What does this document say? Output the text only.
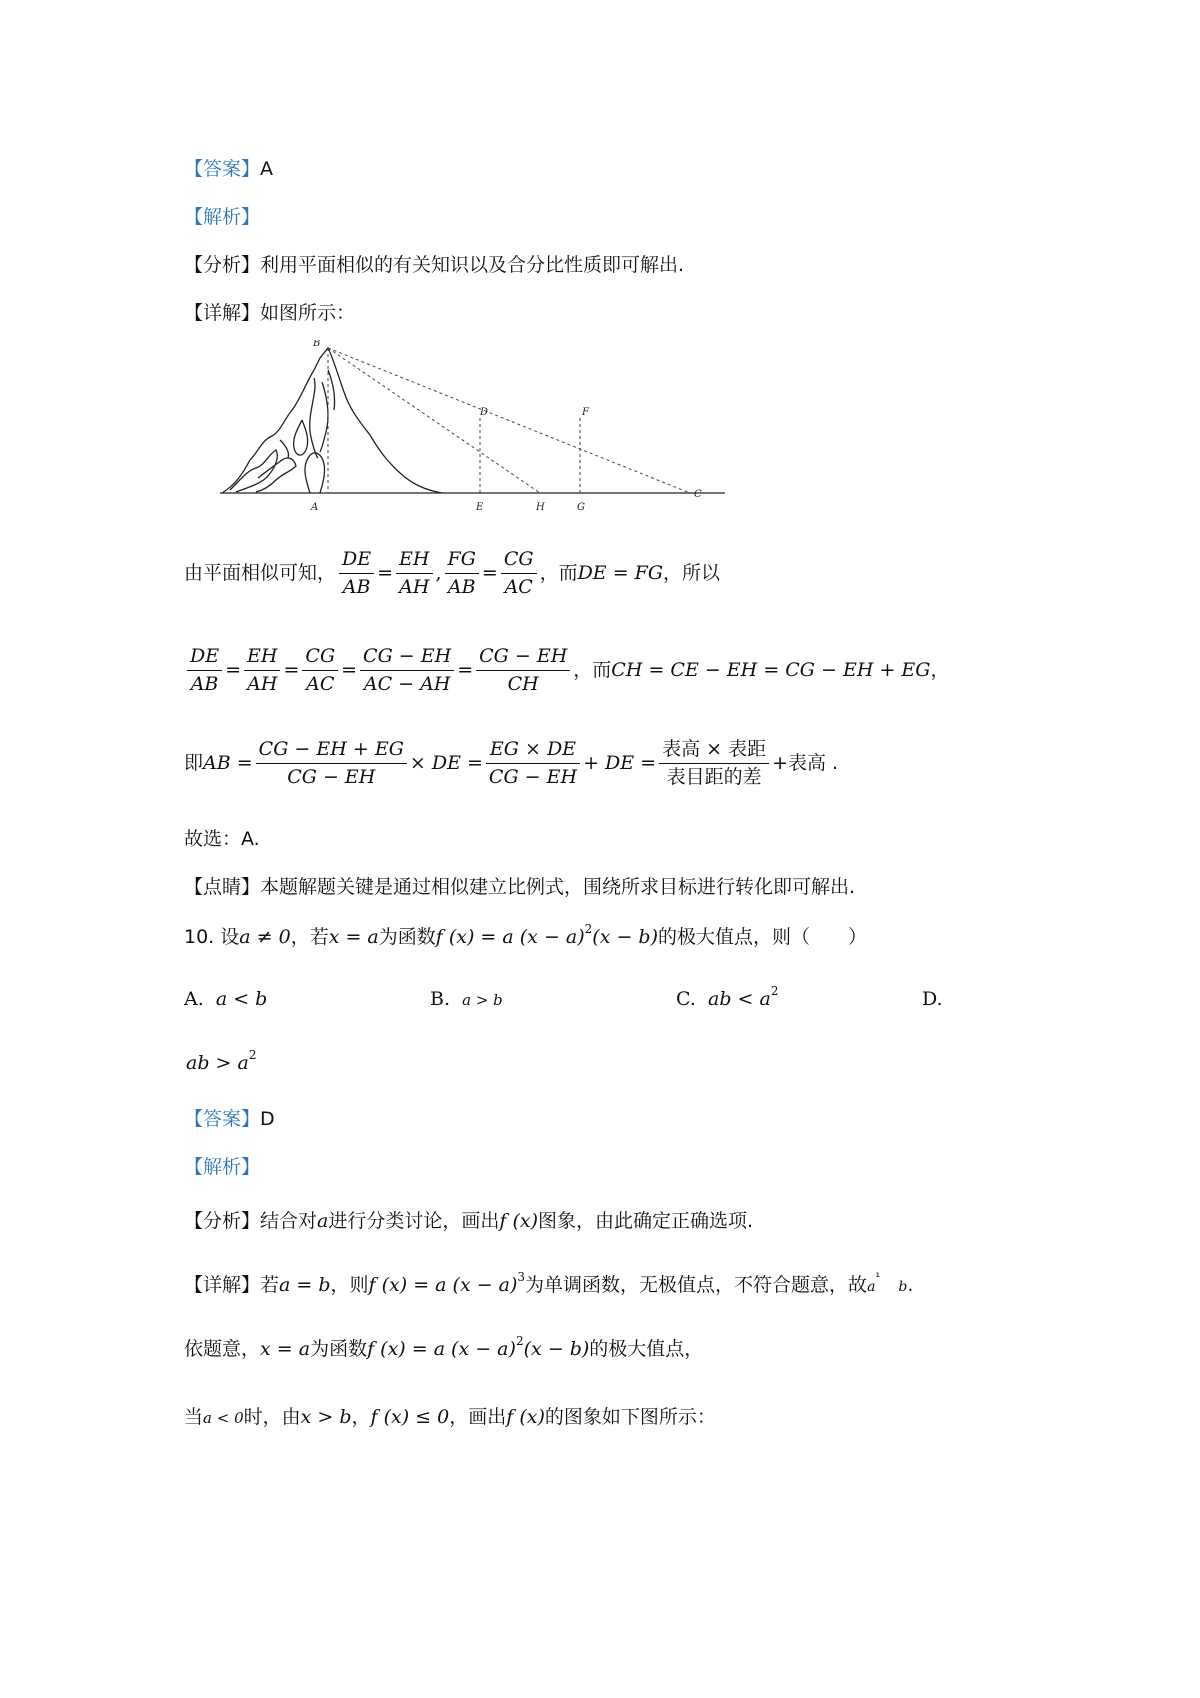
【答案】A
【解析】
【分析】利用平面相似的有关知识以及合分比性质即可解出.
【详解】如图所示：
B
A
D
E
F
G
H
C
由平面相似可知， $\frac{DE}{AB} = \frac{EH}{AH}$ , $\frac{FG}{AB} = \frac{CG}{AC}$ ，而 DE = FG ，所以
$\frac{DE}{AB} = \frac{EH}{AH} = \frac{CG}{AC} = \frac{CG - EH}{AC - AH} = \frac{CG - EH}{CH}$ ，而 CH = CE − EH = CG − EH + EG ，
即 AB = $\frac{CG - EH + EG}{CG - EH}$ × DE = $\frac{EG \times DE}{CG - EH}$ + DE = $\frac{\text{表高 × 表距}}{\text{表目距的差}}$ +表高 .
故选：A.
【点睛】本题解题关键是通过相似建立比例式，围绕所求目标进行转化即可解出.
10. 设a ≠ 0，若x = a为函数f (x) = a $(x - a)^2(x - b)$的极大值点，则（　　）
A. a < b	B. a > b	C. ab < $a^2$	D.
ab > $a^2$
【答案】D
【解析】
【分析】结合对a进行分类讨论，画出f (x)图象，由此确定正确选项.
【详解】若a = b，则f (x) = a $(x - a)^3$为单调函数，无极值点，不符合题意，故$a^{^1}$   b.
依题意，x = a为函数f (x) = a $(x - a)^2(x - b)$的极大值点，
当a < 0时，由x > b，f (x) ≤ 0，画出f (x)的图象如下图所示：
